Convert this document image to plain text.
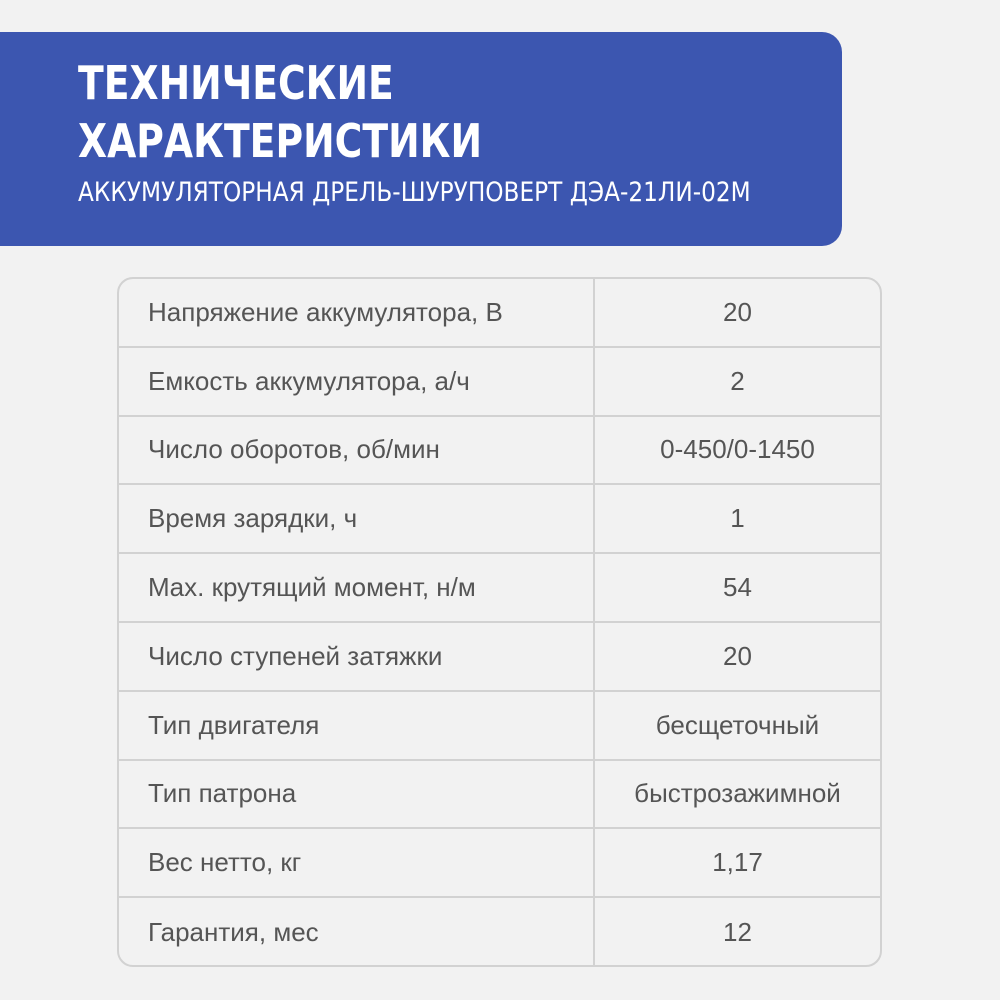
ТЕХНИЧЕСКИЕ
ХАРАКТЕРИСТИКИ
АККУМУЛЯТОРНАЯ ДРЕЛЬ-ШУРУПОВЕРТ ДЭА-21ЛИ-02М
Напряжение аккумулятора, В	20
Емкость аккумулятора, а/ч	2
Число оборотов, об/мин	0-450/0-1450
Время зарядки, ч	1
Max. крутящий момент, н/м	54
Число ступеней затяжки	20
Тип двигателя	бесщеточный
Тип патрона	быстрозажимной
Вес нетто, кг	1,17
Гарантия, мес	12
